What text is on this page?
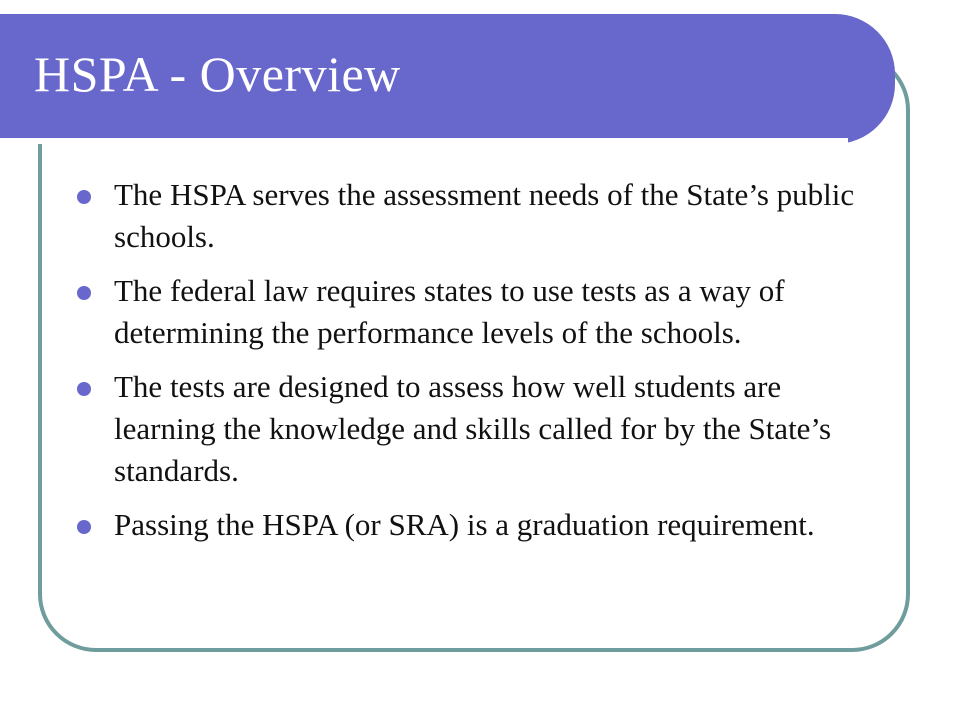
HSPA - Overview
The HSPA serves the assessment needs of the State’s public schools.
The federal law requires states to use tests as a way of determining the performance levels of the schools.
The tests are designed to assess how well students are learning the knowledge and skills called for by the State’s standards.
Passing the HSPA (or SRA) is a graduation requirement.
